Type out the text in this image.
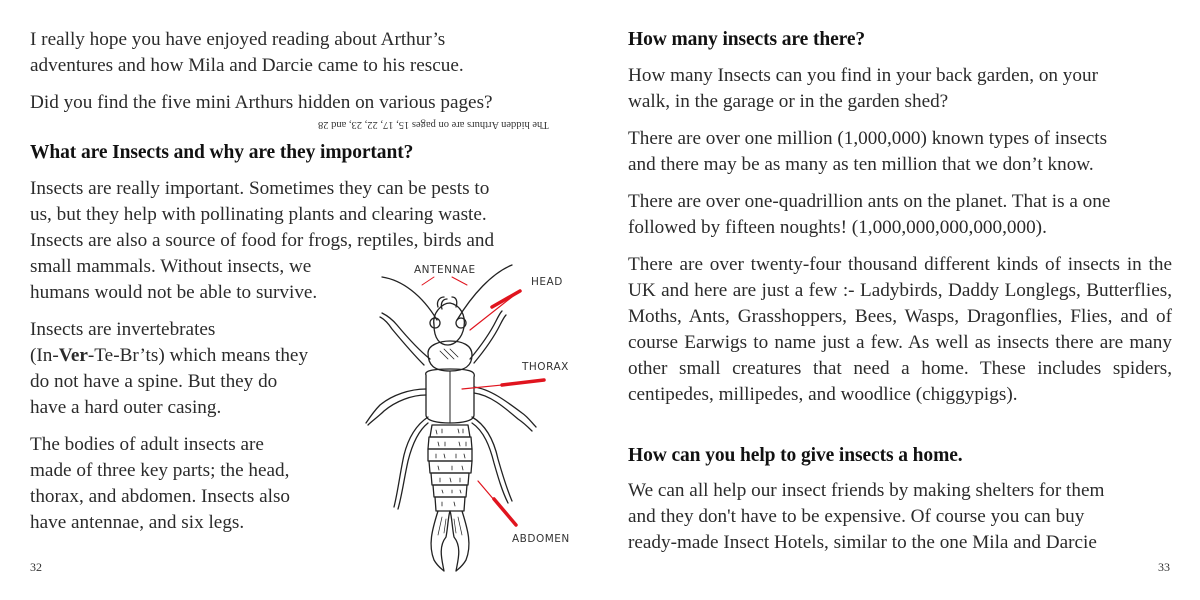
I really hope you have enjoyed reading about Arthur’s

adventures and how Mila and Darcie came to his rescue.

Did you find the five mini Arthurs hidden on various pages?

The hidden Arthurs are on pages 15, 17, 22, 23, and 28
What are Insects and why are they important?

Insects are really important. Sometimes they can be pests to

us, but they help with pollinating plants and clearing waste.

Insects are also a source of food for frogs, reptiles, birds and

small mammals. Without insects, we

humans would not be able to survive.

Insects are invertebrates

(In-Ver-Te-Br’ts) which means they

do not have a spine. But they do

have a hard outer casing.

The bodies of adult insects are

made of three key parts; the head,

thorax, and abdomen. Insects also

have antennae, and six legs.

32
ANTENNAE
HEAD
THORAX
ABDOMEN
How many insects are there?

How many Insects can you find in your back garden, on your

walk, in the garage or in the garden shed?

There are over one million (1,000,000) known types of insects

and there may be as many as ten million that we don’t know.

There are over one-quadrillion ants on the planet. That is a one

followed by fifteen noughts! (1,000,000,000,000,000).

There are over twenty-four thousand different kinds of insects in the UK and here are just a few :- Ladybirds, Daddy Longlegs, Butterflies, Moths, Ants, Grasshoppers, Bees, Wasps, Dragonflies, Flies, and of course Earwigs to name just a few. As well as insects there are many other small creatures that need a home. These includes spiders, centipedes, millipedes, and woodlice (chiggypigs).

How can you help to give insects a home.

We can all help our insect friends by making shelters for them

and they don't have to be expensive. Of course you can buy

ready-made Insect Hotels, similar to the one Mila and Darcie

33
